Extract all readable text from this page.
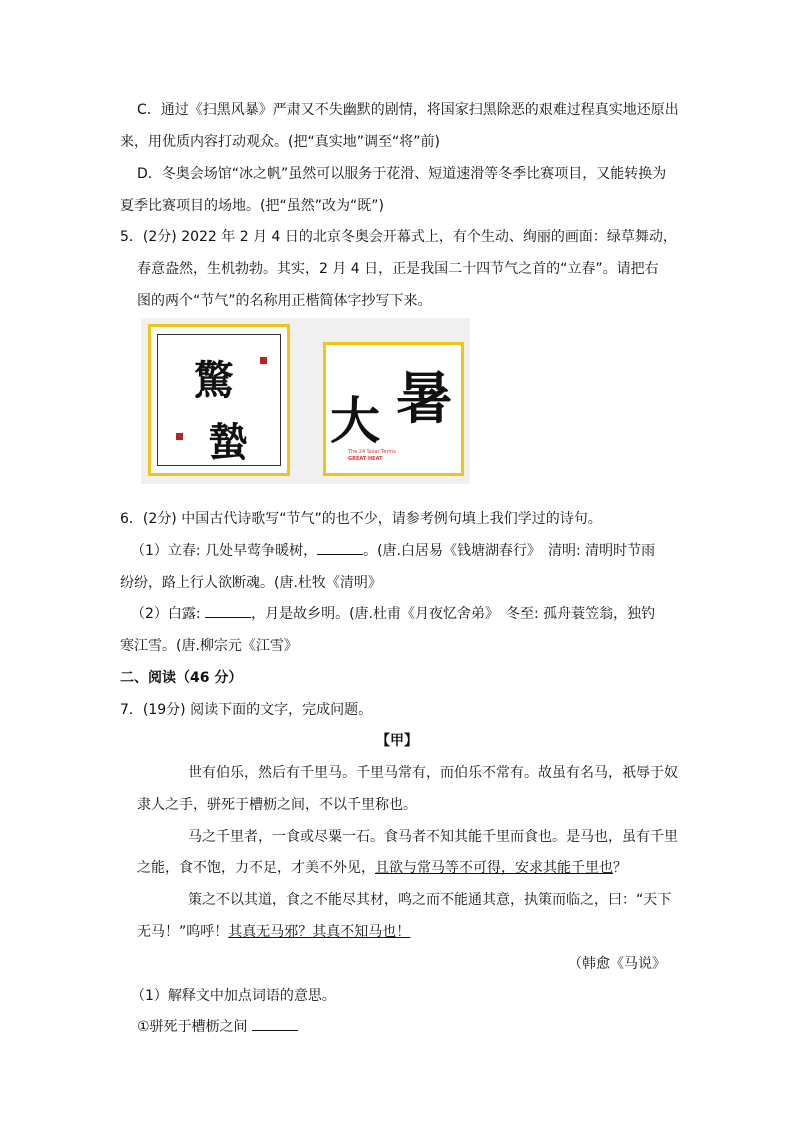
C．通过《扫黑风暴》严肃又不失幽默的剧情，将国家扫黑除恶的艰难过程真实地还原出
来，用优质内容打动观众。(把“真实地”调至“将”前)
D．冬奥会场馆“冰之帆”虽然可以服务于花滑、短道速滑等冬季比赛项目，又能转换为
夏季比赛项目的场地。(把“虽然”改为“既”)
5．(2分) 2022 年 2 月 4 日的北京冬奥会开幕式上，有个生动、绚丽的画面：绿草舞动，
春意盎然，生机勃勃。其实，2 月 4 日，正是我国二十四节气之首的“立春”。请把右
图的两个“节气”的名称用正楷简体字抄写下来。
驚
蟄 大 暑
The 24 Solar Terms
GREAT HEAT
6．(2分) 中国古代诗歌写“节气”的也不少，请参考例句填上我们学过的诗句。
（1）立春: 几处早莺争暖树，	。(唐.白居易《钱塘湖春行》　清明: 清明时节雨
纷纷，路上行人欲断魂。(唐.杜牧《清明》
（2）白露:	，月是故乡明。(唐.杜甫《月夜忆舍弟》　冬至: 孤舟蓑笠翁，独钓
寒江雪。(唐.柳宗元《江雪》
二、阅读（46 分）
7．(19分) 阅读下面的文字，完成问题。
【甲】
世有伯乐，然后有千里马。千里马常有，而伯乐不常有。故虽有名马，祇辱于奴
隶人之手，骈死于槽枥之间，不以千里称也。
马之千里者，一食或尽粟一石。食马者不知其能千里而食也。是马也，虽有千里
之能，食不饱，力不足，才美不外见，且欲与常马等不可得，安求其能千里也？
策之不以其道，食之不能尽其材，鸣之而不能通其意，执策而临之，曰：“天下
无马！”呜呼！其真无马邪？其真不知马也！
（韩愈《马说》
（1）解释文中加点词语的意思。
①骈死于槽枥之间
